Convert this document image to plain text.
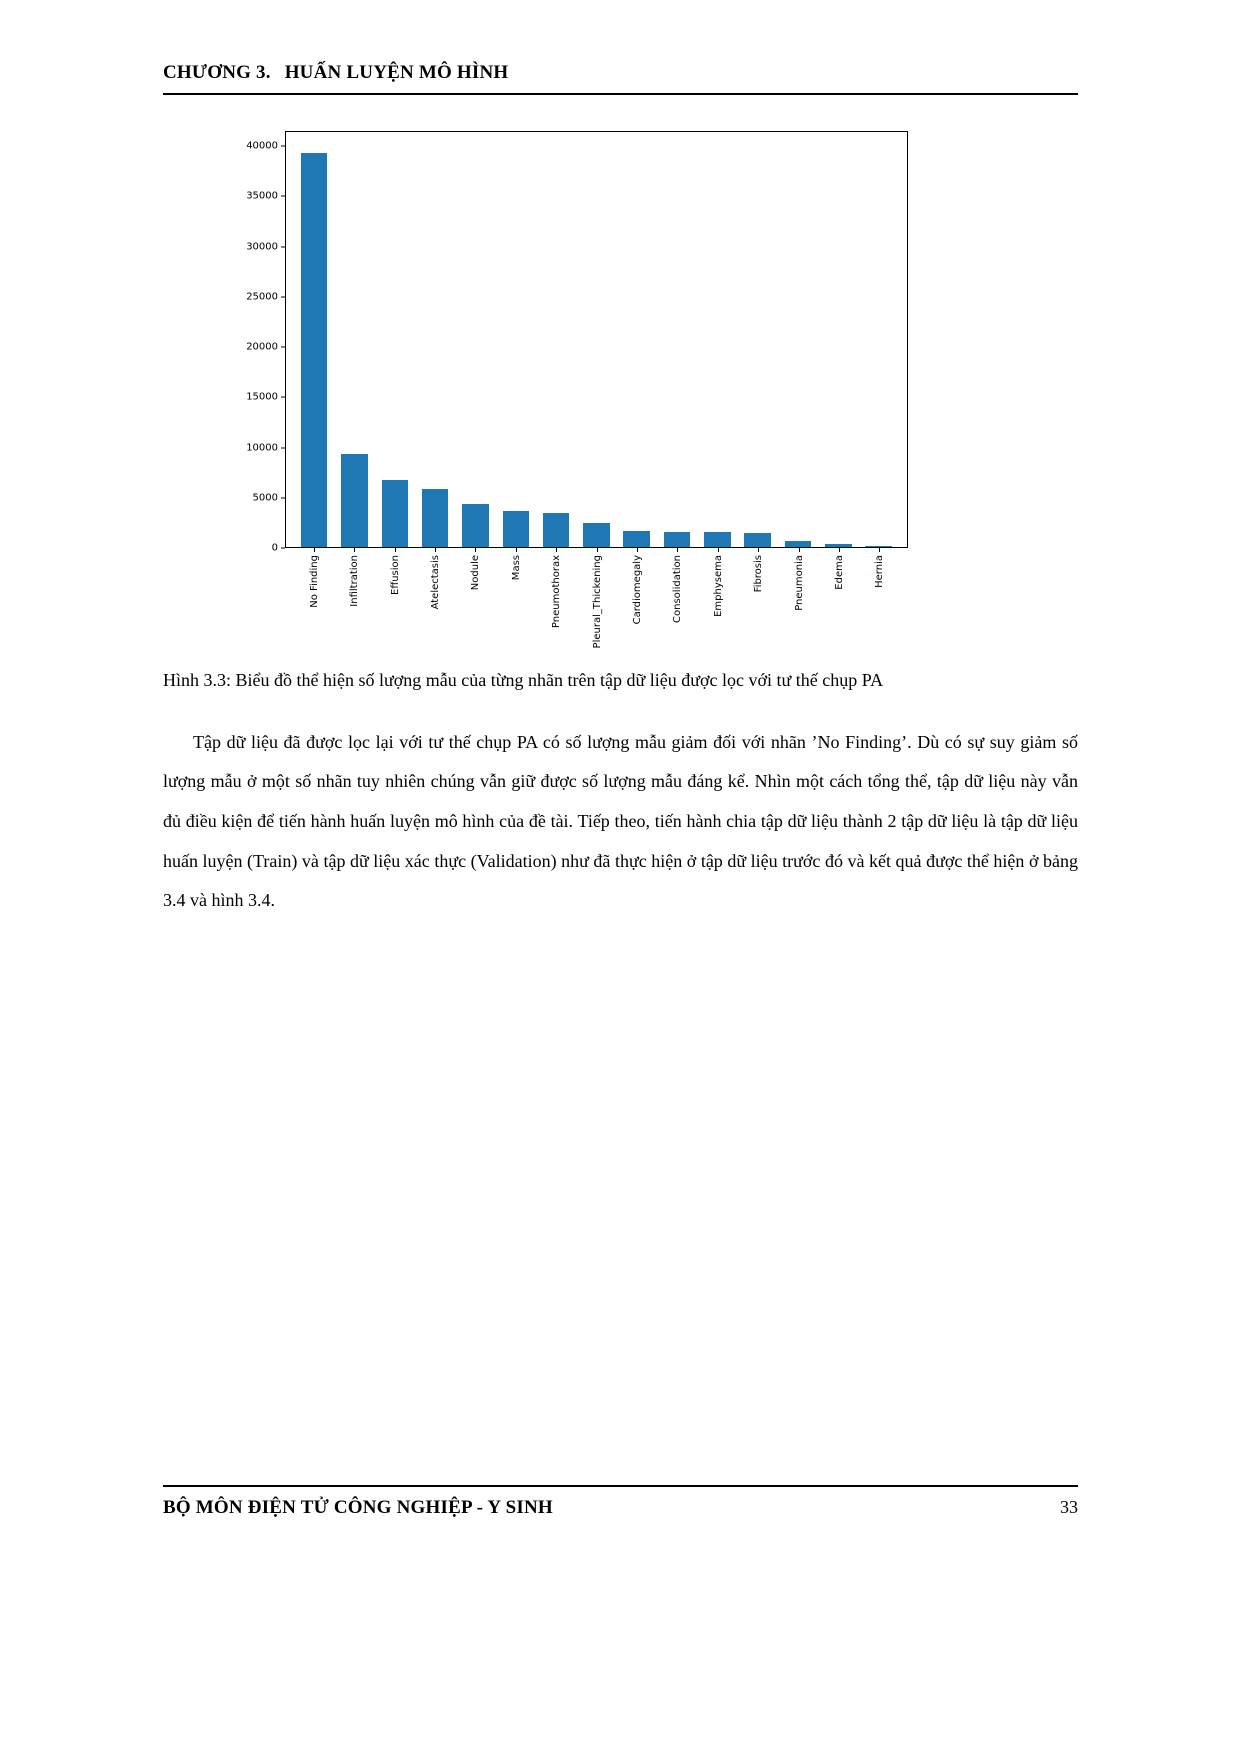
CHƯƠNG 3. HUẤN LUYỆN MÔ HÌNH
0
5000
10000
15000
20000
25000
30000
35000
40000
No Finding	Infiltration	Effusion	Atelectasis	Nodule	Mass	Pneumothorax	Pleural_Thickening	Cardiomegaly	Consolidation	Emphysema	Fibrosis	Pneumonia	Edema	Hernia
Hình 3.3: Biểu đồ thể hiện số lượng mẫu của từng nhãn trên tập dữ liệu được lọc với tư thế chụp PA

Tập dữ liệu đã được lọc lại với tư thế chụp PA có số lượng mẫu giảm đối với nhãn ’No Finding’. Dù có sự suy giảm số lượng mẫu ở một số nhãn tuy nhiên chúng vẫn giữ được số lượng mẫu đáng kể. Nhìn một cách tổng thể, tập dữ liệu này vẫn đủ điều kiện để tiến hành huấn luyện mô hình của đề tài. Tiếp theo, tiến hành chia tập dữ liệu thành 2 tập dữ liệu là tập dữ liệu huấn luyện (Train) và tập dữ liệu xác thực (Validation) như đã thực hiện ở tập dữ liệu trước đó và kết quả được thể hiện ở bảng 3.4 và hình 3.4.

BỘ MÔN ĐIỆN TỬ CÔNG NGHIỆP - Y SINH	33
